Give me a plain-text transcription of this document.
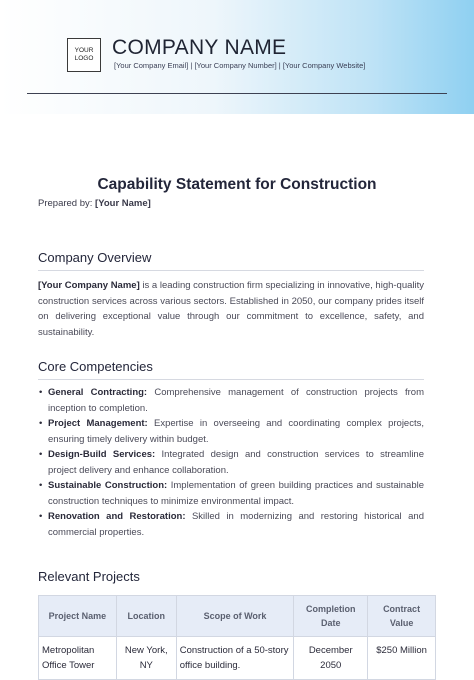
YOUR
LOGO COMPANY NAME
[Your Company Email] | [Your Company Number] | [Your Company Website]
Capability Statement for Construction
Prepared by: [Your Name]
Company Overview
[Your Company Name] is a leading construction firm specializing in innovative, high-quality construction services across various sectors. Established in 2050, our company prides itself on delivering exceptional value through our commitment to excellence, safety, and sustainability.
Core Competencies
• General Contracting: Comprehensive management of construction projects from inception to completion.
• Project Management: Expertise in overseeing and coordinating complex projects, ensuring timely delivery within budget.
• Design-Build Services: Integrated design and construction services to streamline project delivery and enhance collaboration.
• Sustainable Construction: Implementation of green building practices and sustainable construction techniques to minimize environmental impact.
• Renovation and Restoration: Skilled in modernizing and restoring historical and commercial properties.
Relevant Projects
Project Name	Location	Scope of Work	Completion Date	Contract Value
Metropolitan Office Tower	New York, NY	Construction of a 50-story office building.	December 2050	$250 Million
